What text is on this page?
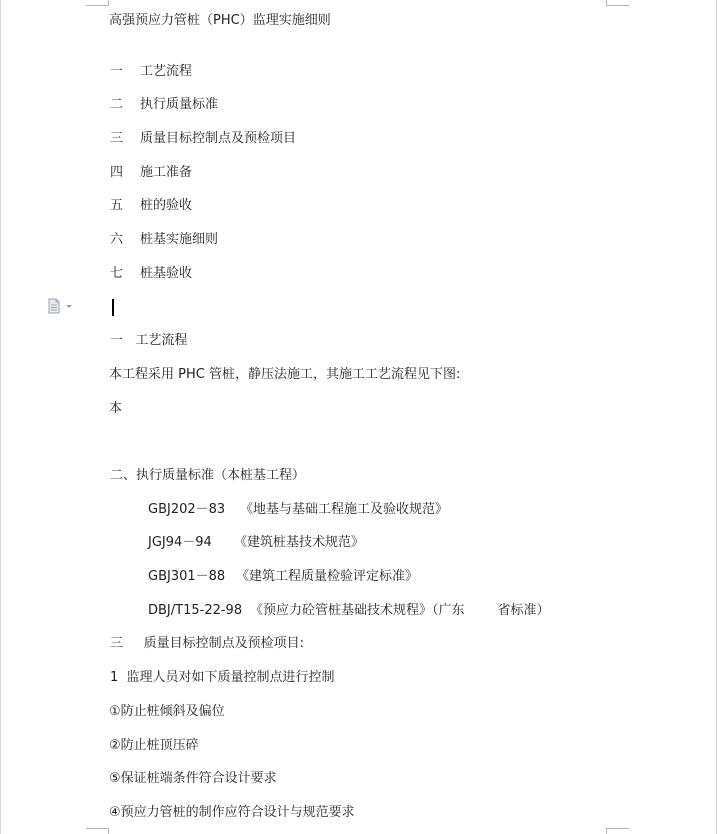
高强预应力管桩（PHC）监理实施细则
一 工艺流程
二 执行质量标准
三 质量目标控制点及预检项目
四 施工准备
五 桩的验收
六 桩基实施细则
七 桩基验收
一   工艺流程
本工程采用 PHC 管桩，静压法施工，其施工工艺流程见下图:
本
二、执行质量标准（本桩基工程）
GBJ202－83 《地基与基础工程施工及验收规范》
JGJ94－94 《建筑桩基技术规范》
GBJ301－88 《建筑工程质量检验评定标准》
DBJ/T15-22-98 《预应力砼管桩基础技术规程》（广东        省标准）
三     质量目标控制点及预检项目:
1  监理人员对如下质量控制点进行控制
①防止桩倾斜及偏位
②防止桩顶压碎
⑤保证桩端条件符合设计要求
④预应力管桩的制作应符合设计与规范要求
